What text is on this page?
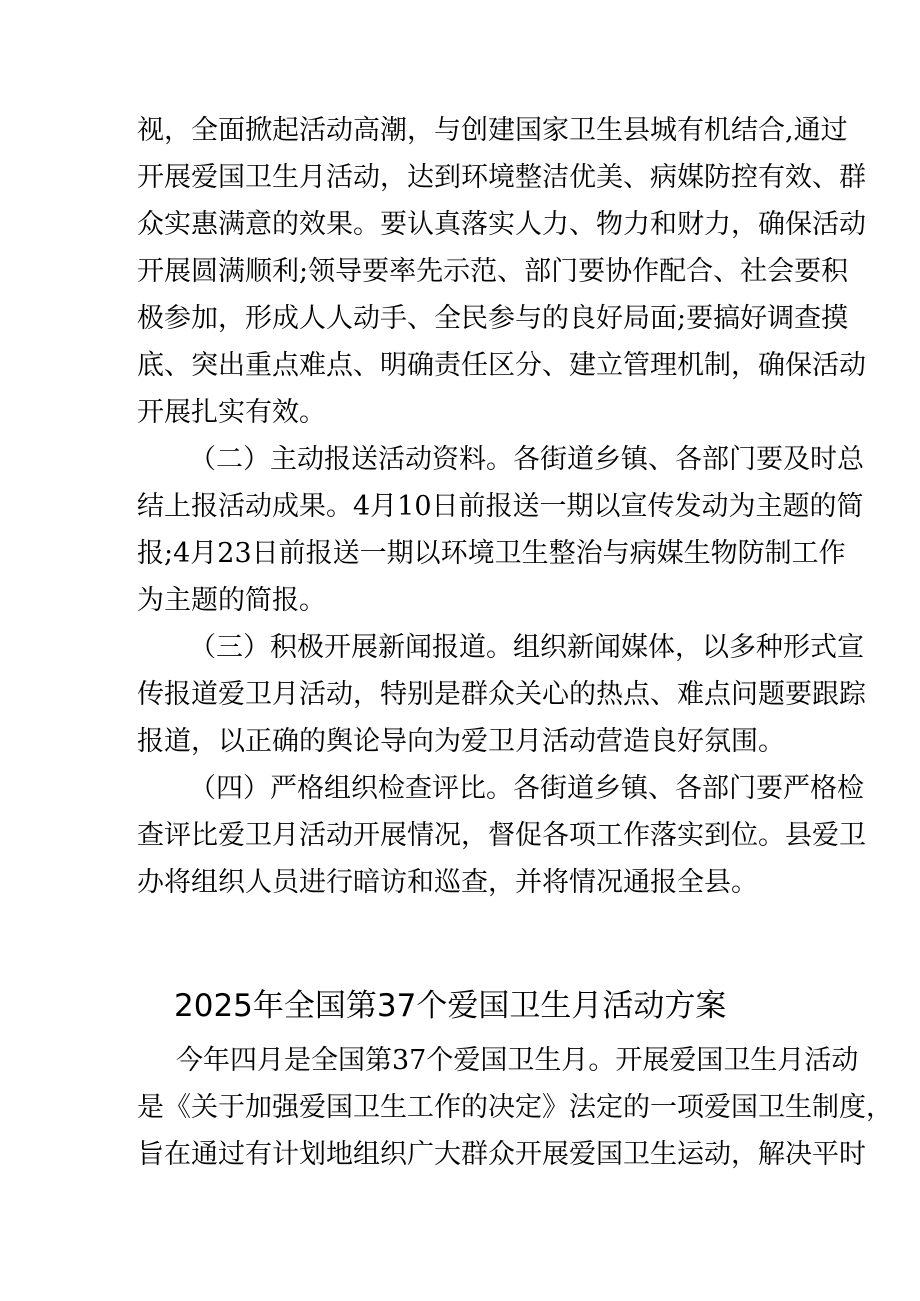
视，全面掀起活动高潮，与创建国家卫生县城有机结合,通过
开展爱国卫生月活动，达到环境整洁优美、病媒防控有效、群
众实惠满意的效果。要认真落实人力、物力和财力，确保活动
开展圆满顺利;领导要率先示范、部门要协作配合、社会要积
极参加，形成人人动手、全民参与的良好局面;要搞好调查摸
底、突出重点难点、明确责任区分、建立管理机制，确保活动
开展扎实有效。
（二）主动报送活动资料。各街道乡镇、各部门要及时总
结上报活动成果。4月10日前报送一期以宣传发动为主题的简
报;4月23日前报送一期以环境卫生整治与病媒生物防制工作
为主题的简报。
（三）积极开展新闻报道。组织新闻媒体，以多种形式宣
传报道爱卫月活动，特别是群众关心的热点、难点问题要跟踪
报道，以正确的舆论导向为爱卫月活动营造良好氛围。
（四）严格组织检查评比。各街道乡镇、各部门要严格检
查评比爱卫月活动开展情况，督促各项工作落实到位。县爱卫
办将组织人员进行暗访和巡查，并将情况通报全县。
2025年全国第37个爱国卫生月活动方案
今年四月是全国第37个爱国卫生月。开展爱国卫生月活动
是《关于加强爱国卫生工作的决定》法定的一项爱国卫生制度，
旨在通过有计划地组织广大群众开展爱国卫生运动，解决平时
